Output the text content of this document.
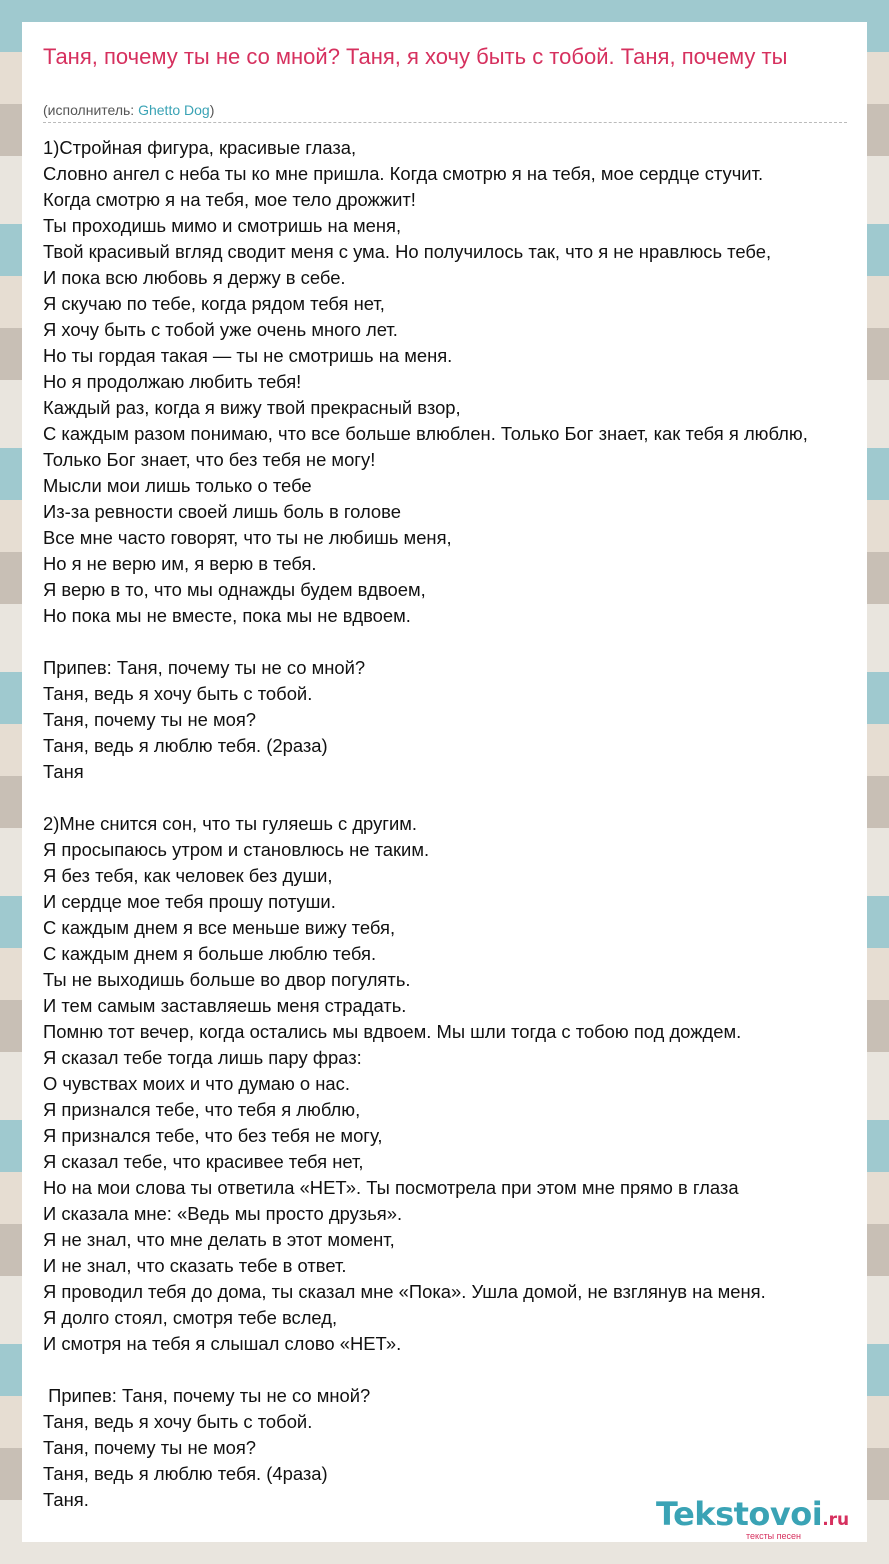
Таня, почему ты не со мной? Таня, я хочу быть с тобой. Таня, почему ты
(исполнитель: Ghetto Dog)
1)Стройная фигура, красивые глаза,
Словно ангел с неба ты ко мне пришла. Когда смотрю я на тебя, мое сердце стучит.
Когда смотрю я на тебя, мое тело дрожжит!
Ты проходишь мимо и смотришь на меня,
Твой красивый вгляд сводит меня с ума. Но получилось так, что я не нравлюсь тебе,
И пока всю любовь я держу в себе.
Я скучаю по тебе, когда рядом тебя нет,
Я хочу быть с тобой уже очень много лет.
Но ты гордая такая — ты не смотришь на меня.
Но я продолжаю любить тебя!
Каждый раз, когда я вижу твой прекрасный взор,
С каждым разом понимаю, что все больше влюблен. Только Бог знает, как тебя я люблю,
Только Бог знает, что без тебя не могу!
Мысли мои лишь только о тебе
Из-за ревности своей лишь боль в голове
Все мне часто говорят, что ты не любишь меня,
Но я не верю им, я верю в тебя.
Я верю в то, что мы однажды будем вдвоем,
Но пока мы не вместе, пока мы не вдвоем.
Припев: Таня, почему ты не со мной?
Таня, ведь я хочу быть с тобой.
Таня, почему ты не моя?
Таня, ведь я люблю тебя. (2раза)
Таня
2)Мне снится сон, что ты гуляешь с другим.
Я просыпаюсь утром и становлюсь не таким.
Я без тебя, как человек без души,
И сердце мое тебя прошу потуши.
С каждым днем я все меньше вижу тебя,
С каждым днем я больше люблю тебя.
Ты не выходишь больше во двор погулять.
И тем самым заставляешь меня страдать.
Помню тот вечер, когда остались мы вдвоем. Мы шли тогда с тобою под дождем.
Я сказал тебе тогда лишь пару фраз:
О чувствах моих и что думаю о нас.
Я признался тебе, что тебя я люблю,
Я признался тебе, что без тебя не могу,
Я сказал тебе, что красивее тебя нет,
Но на мои слова ты ответила «НЕТ». Ты посмотрела при этом мне прямо в глаза
И сказала мне: «Ведь мы просто друзья».
Я не знал, что мне делать в этот момент,
И не знал, что сказать тебе в ответ.
Я проводил тебя до дома, ты сказал мне «Пока». Ушла домой, не взглянув на меня.
Я долго стоял, смотря тебе вслед,
И смотря на тебя я слышал слово «НЕТ».
Припев: Таня, почему ты не со мной?
Таня, ведь я хочу быть с тобой.
Таня, почему ты не моя?
Таня, ведь я люблю тебя. (4раза)
Таня.	Tekstovoi.ru
тексты песен
